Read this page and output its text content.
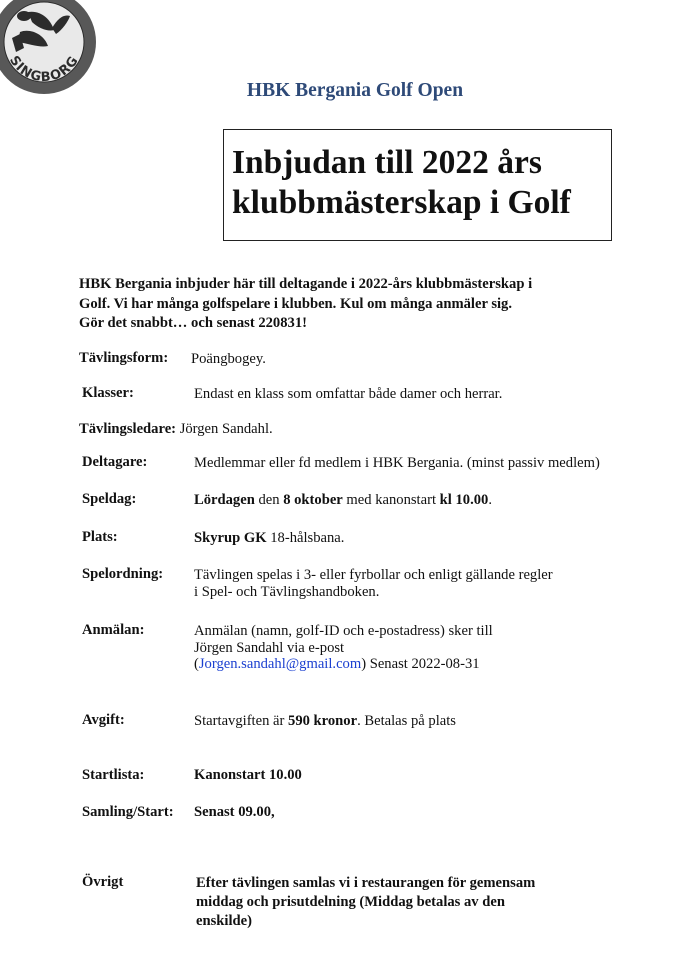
SINGBORG
HBK Bergania Golf Open
Inbjudan till 2022 års
klubbmästerskap i Golf
HBK Bergania inbjuder här till deltagande i 2022-års klubbmästerskap i
Golf. Vi har många golfspelare i klubben. Kul om många anmäler sig.
Gör det snabbt… och senast 220831!
Tävlingsform: Poängbogey.
Klasser:	Endast en klass som omfattar både damer och herrar.
Tävlingsledare: Jörgen Sandahl.
Deltagare:	Medlemmar eller fd medlem i HBK Bergania. (minst passiv medlem)
Speldag:	Lördagen den 8 oktober med kanonstart kl 10.00.
Plats:	Skyrup GK 18-hålsbana.
Spelordning: Tävlingen spelas i 3- eller fyrbollar och enligt gällande regler
i Spel- och Tävlingshandboken.
Anmälan:	Anmälan (namn, golf-ID och e-postadress) sker till
Jörgen Sandahl via e-post
(Jorgen.sandahl@gmail.com) Senast 2022-08-31
Avgift:	Startavgiften är 590 kronor. Betalas på plats
Startlista:	Kanonstart 10.00
Samling/Start: Senast 09.00,
Övrigt	Efter tävlingen samlas vi i restaurangen för gemensam
middag och prisutdelning (Middag betalas av den
enskilde)
